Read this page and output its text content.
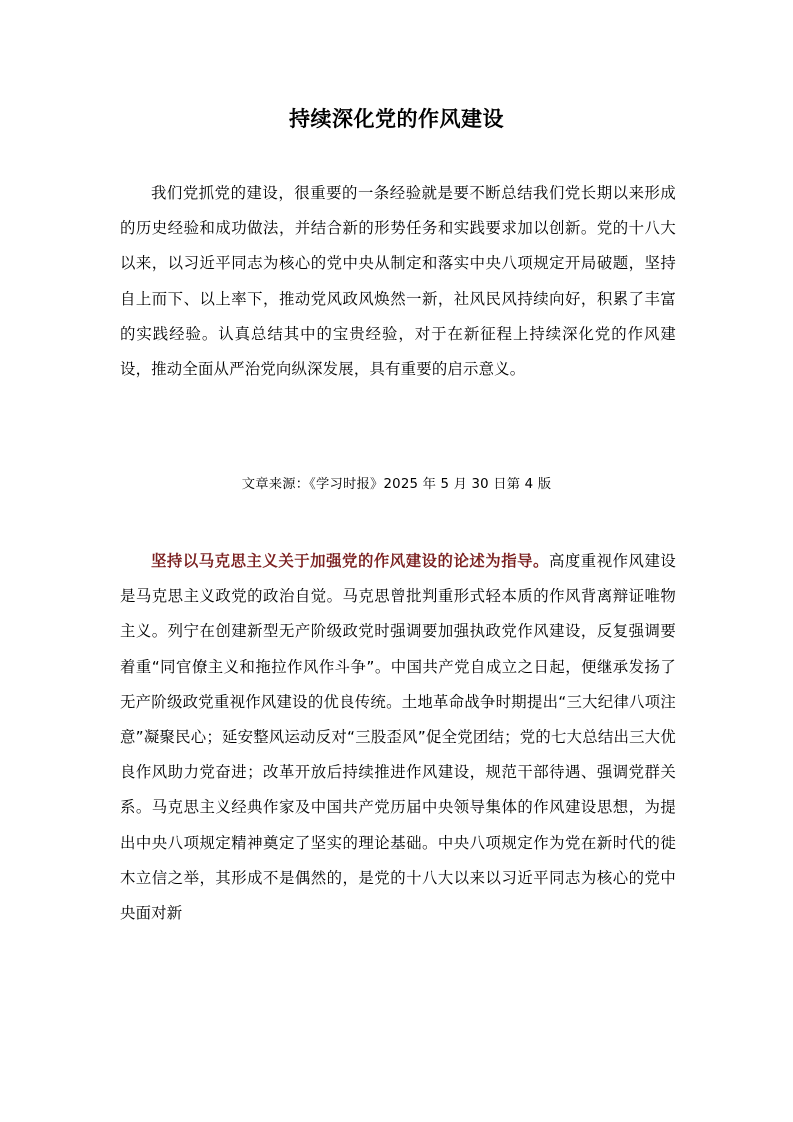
持续深化党的作风建设

我们党抓党的建设，很重要的一条经验就是要不断总结我们党长期以来形成的历史经验和成功做法，并结合新的形势任务和实践要求加以创新。党的十八大以来，以习近平同志为核心的党中央从制定和落实中央八项规定开局破题，坚持自上而下、以上率下，推动党风政风焕然一新，社风民风持续向好，积累了丰富的实践经验。认真总结其中的宝贵经验，对于在新征程上持续深化党的作风建设，推动全面从严治党向纵深发展，具有重要的启示意义。

文章来源：《学习时报》2025 年 5 月 30 日第 4 版

坚持以马克思主义关于加强党的作风建设的论述为指导。高度重视作风建设是马克思主义政党的政治自觉。马克思曾批判重形式轻本质的作风背离辩证唯物主义。列宁在创建新型无产阶级政党时强调要加强执政党作风建设，反复强调要着重“同官僚主义和拖拉作风作斗争”。中国共产党自成立之日起，便继承发扬了无产阶级政党重视作风建设的优良传统。土地革命战争时期提出“三大纪律八项注意”凝聚民心；延安整风运动反对“三股歪风”促全党团结；党的七大总结出三大优良作风助力党奋进；改革开放后持续推进作风建设，规范干部待遇、强调党群关系。马克思主义经典作家及中国共产党历届中央领导集体的作风建设思想，为提出中央八项规定精神奠定了坚实的理论基础。中央八项规定作为党在新时代的徙木立信之举，其形成不是偶然的，是党的十八大以来以习近平同志为核心的党中央面对新
